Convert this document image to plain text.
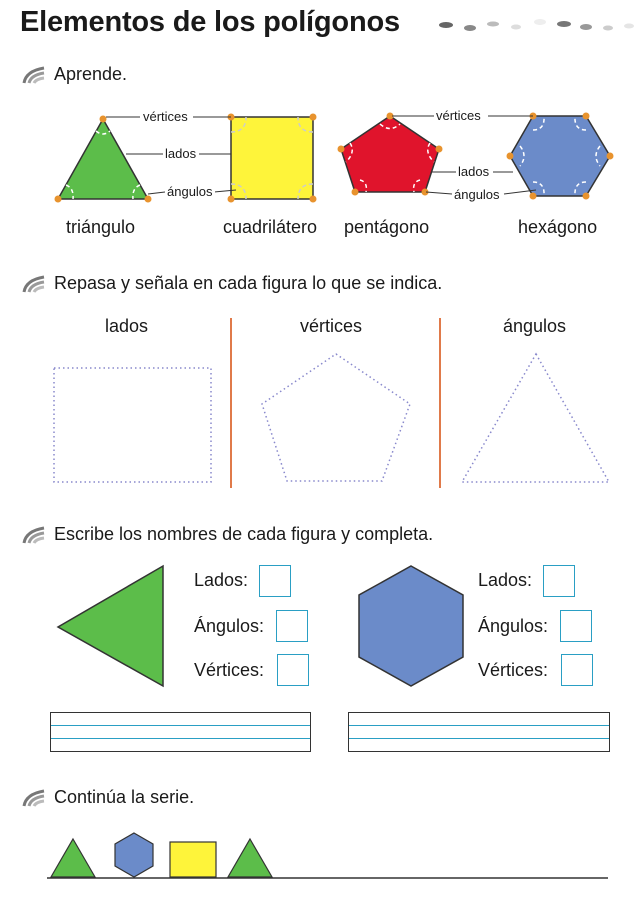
Elementos de los polígonos
Aprende.
vértices
lados
ángulos
vértices
lados
ángulos
triángulo	cuadrilátero pentágono	hexágono
Repasa y señala en cada figura lo que se indica.
lados	vértices	ángulos
Escribe los nombres de cada figura y completa.
Lados:
Ángulos:
Vértices:
Lados:
Ángulos:
Vértices:
Continúa la serie.
